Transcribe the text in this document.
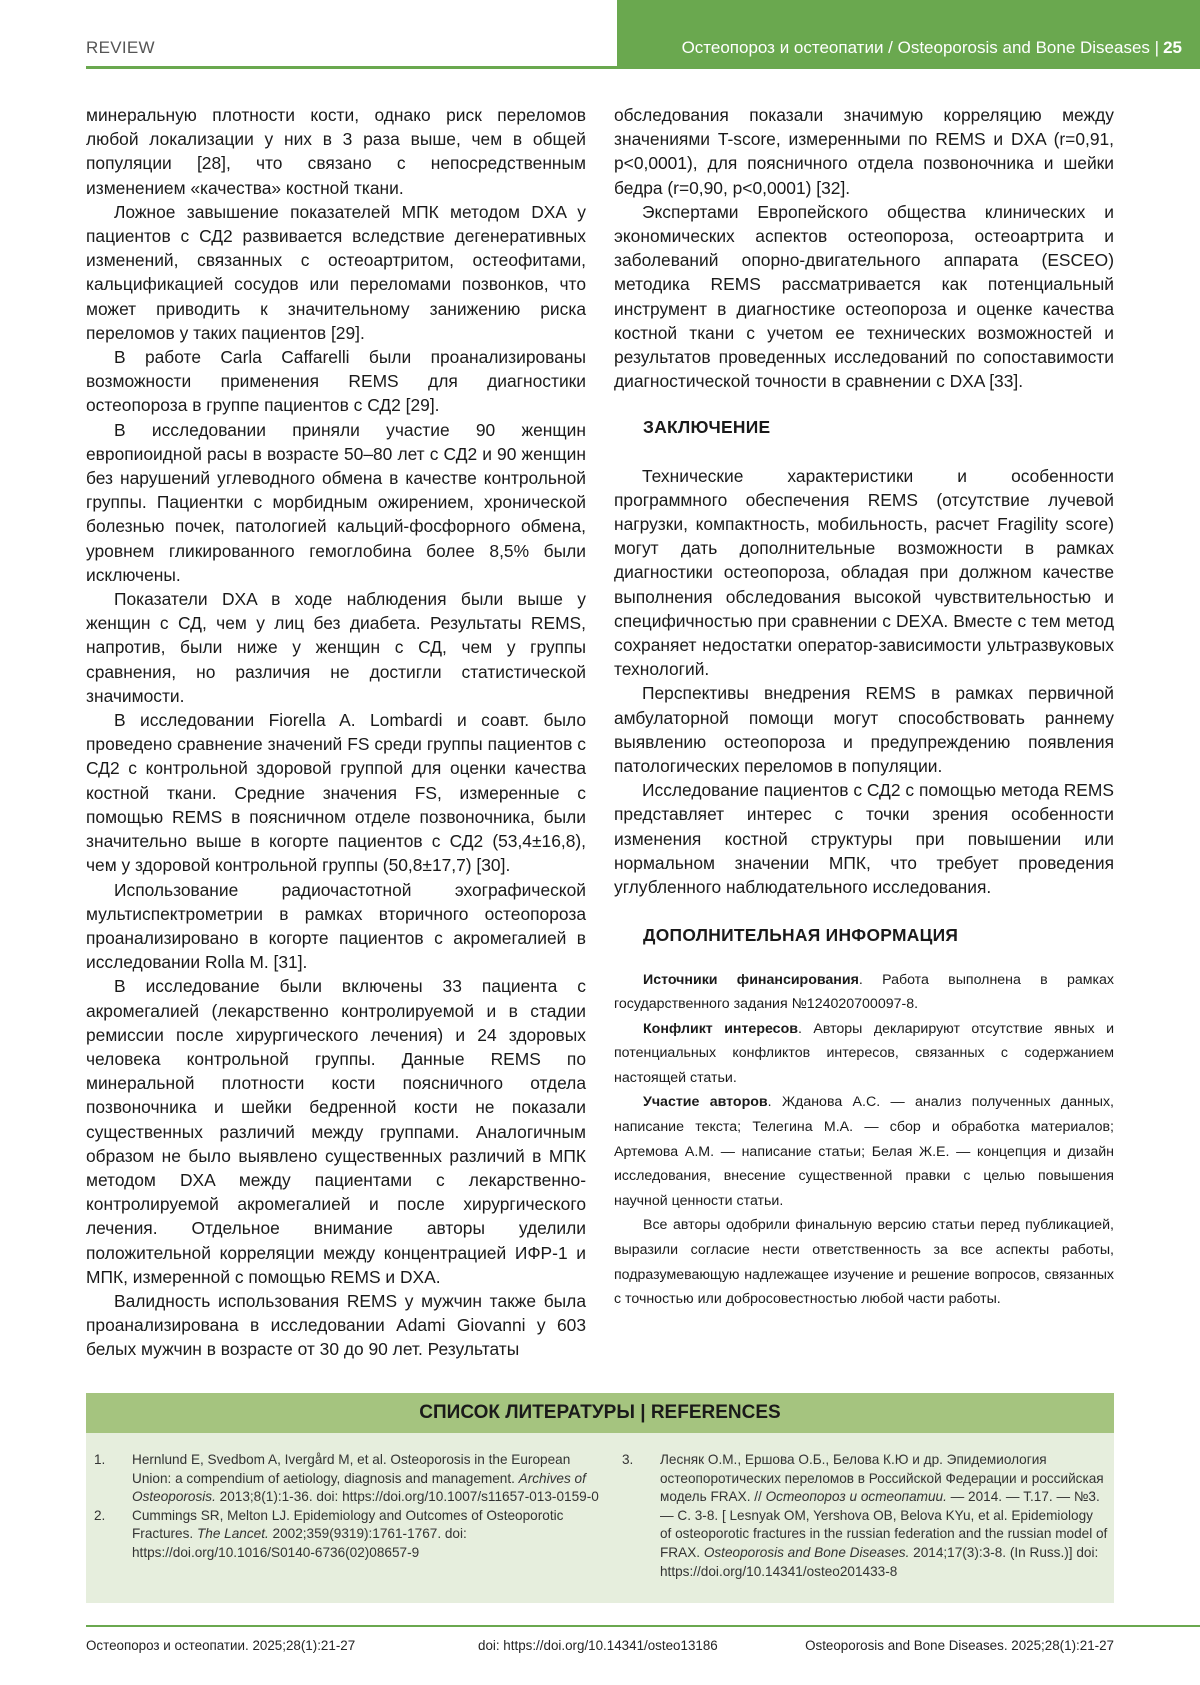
REVIEW	Остеопороз и остеопатии / Osteoporosis and Bone Diseases | 25

минеральную плотности кости, однако риск переломов любой локализации у них в 3 раза выше, чем в общей популяции [28], что связано с непосредственным изменением «качества» костной ткани.

Ложное завышение показателей МПК методом DXA у пациентов с СД2 развивается вследствие дегенеративных изменений, связанных с остеоартритом, остеофитами, кальцификацией сосудов или переломами позвонков, что может приводить к значительному занижению риска переломов у таких пациентов [29].

В работе Carla Caffarelli были проанализированы возможности применения REMS для диагностики остеопороза в группе пациентов с СД2 [29].

В исследовании приняли участие 90 женщин европиоидной расы в возрасте 50–80 лет с СД2 и 90 женщин без нарушений углеводного обмена в качестве контрольной группы. Пациентки с морбидным ожирением, хронической болезнью почек, патологией кальций-фосфорного обмена, уровнем гликированного гемоглобина более 8,5% были исключены.

Показатели DXA в ходе наблюдения были выше у женщин с СД, чем у лиц без диабета. Результаты REMS, напротив, были ниже у женщин с СД, чем у группы сравнения, но различия не достигли статистической значимости.

В исследовании Fiorella A. Lombardi и соавт. было проведено сравнение значений FS среди группы пациентов с СД2 с контрольной здоровой группой для оценки качества костной ткани. Средние значения FS, измеренные с помощью REMS в поясничном отделе позвоночника, были значительно выше в когорте пациентов с СД2 (53,4±16,8), чем у здоровой контрольной группы (50,8±17,7) [30].

Использование радиочастотной эхографической мультиспектрометрии в рамках вторичного остеопороза проанализировано в когорте пациентов с акромегалией в исследовании Rolla M. [31].

В исследование были включены 33 пациента с акромегалией (лекарственно контролируемой и в стадии ремиссии после хирургического лечения) и 24 здоровых человека контрольной группы. Данные REMS по минеральной плотности кости поясничного отдела позвоночника и шейки бедренной кости не показали существенных различий между группами. Аналогичным образом не было выявлено существенных различий в МПК методом DXA между пациентами с лекарственно-контролируемой акромегалией и после хирургического лечения. Отдельное внимание авторы уделили положительной корреляции между концентрацией ИФР-1 и МПК, измеренной с помощью REMS и DXA.

Валидность использования REMS у мужчин также была проанализирована в исследовании Adami Giovanni у 603 белых мужчин в возрасте от 30 до 90 лет. Результаты

обследования показали значимую корреляцию между значениями T-score, измеренными по REMS и DXA (r=0,91, p<0,0001), для поясничного отдела позвоночника и шейки бедра (r=0,90, p<0,0001) [32].

Экспертами Европейского общества клинических и экономических аспектов остеопороза, остеоартрита и заболеваний опорно-двигательного аппарата (ESCEO) методика REMS рассматривается как потенциальный инструмент в диагностике остеопороза и оценке качества костной ткани с учетом ее технических возможностей и результатов проведенных исследований по сопоставимости диагностической точности в сравнении с DXA [33].

ЗАКЛЮЧЕНИЕ

Технические характеристики и особенности программного обеспечения REMS (отсутствие лучевой нагрузки, компактность, мобильность, расчет Fragility score) могут дать дополнительные возможности в рамках диагностики остеопороза, обладая при должном качестве выполнения обследования высокой чувствительностью и специфичностью при сравнении с DEXA. Вместе с тем метод сохраняет недостатки оператор-зависимости ультразвуковых технологий.

Перспективы внедрения REMS в рамках первичной амбулаторной помощи могут способствовать раннему выявлению остеопороза и предупреждению появления патологических переломов в популяции.

Исследование пациентов с СД2 с помощью метода REMS представляет интерес с точки зрения особенности изменения костной структуры при повышении или нормальном значении МПК, что требует проведения углубленного наблюдательного исследования.

ДОПОЛНИТЕЛЬНАЯ ИНФОРМАЦИЯ

Источники финансирования. Работа выполнена в рамках государственного задания №124020700097-8.

Конфликт интересов. Авторы декларируют отсутствие явных и потенциальных конфликтов интересов, связанных с содержанием настоящей статьи.

Участие авторов. Жданова А.С. — анализ полученных данных, написание текста; Телегина М.А. — сбор и обработка материалов; Артемова А.М. — написание статьи; Белая Ж.Е. — концепция и дизайн исследования, внесение существенной правки с целью повышения научной ценности статьи.

Все авторы одобрили финальную версию статьи перед публикацией, выразили согласие нести ответственность за все аспекты работы, подразумевающую надлежащее изучение и решение вопросов, связанных с точностью или добросовестностью любой части работы.

СПИСОК ЛИТЕРАТУРЫ | REFERENCES
1.	Hernlund E, Svedbom A, Ivergård M, et al. Osteoporosis in the European Union: a compendium of aetiology, diagnosis and management. Archives of Osteoporosis. 2013;8(1):1-36. doi: https://doi.org/10.1007/s11657-013-0159-0
2.	Cummings SR, Melton LJ. Epidemiology and Outcomes of Osteoporotic Fractures. The Lancet. 2002;359(9319):1761-1767. doi: https://doi.org/10.1016/S0140-6736(02)08657-9
3.	Лесняк О.М., Ершова О.Б., Белова К.Ю и др. Эпидемиология остеопоротических переломов в Российской Федерации и российская модель FRAX. // Остеопороз и остеопатии. — 2014. — Т.17. — №3. — С. 3-8. [ Lesnyak OM, Yershova OB, Belova KYu, et al. Epidemiology of osteoporotic fractures in the russian federation and the russian model of FRAX. Osteoporosis and Bone Diseases. 2014;17(3):3-8. (In Russ.)] doi: https://doi.org/10.14341/osteo201433-8
Остеопороз и остеопатии. 2025;28(1):21-27	doi: https://doi.org/10.14341/osteo13186	Osteoporosis and Bone Diseases. 2025;28(1):21-27
